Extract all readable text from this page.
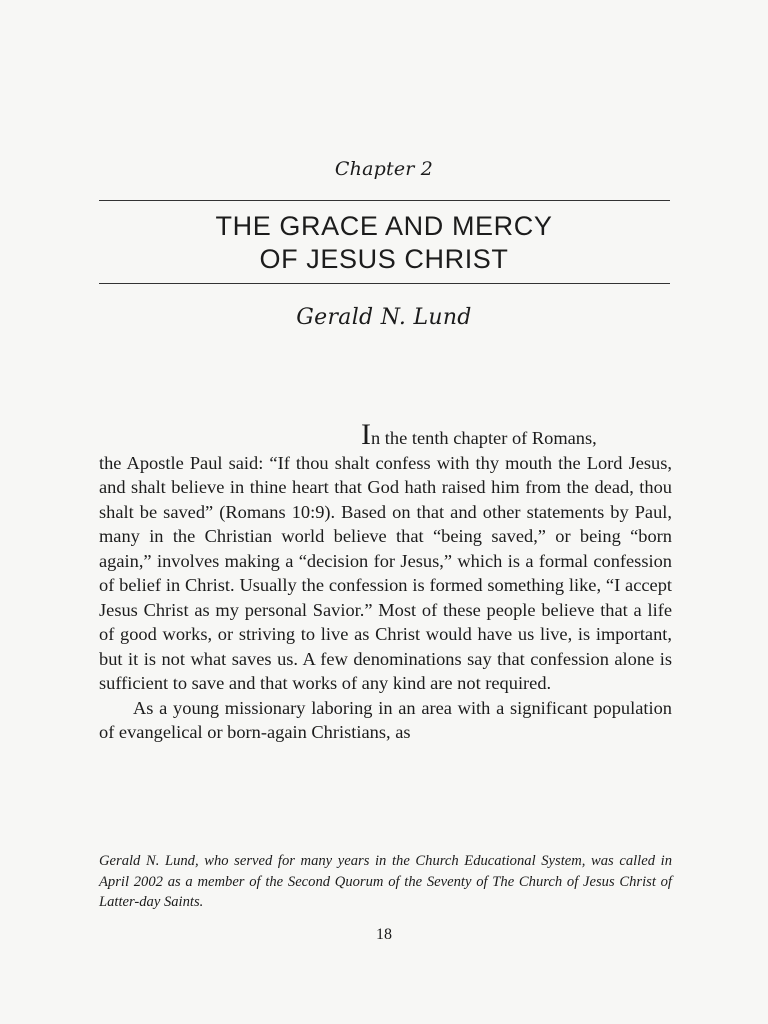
Chapter 2
THE GRACE AND MERCY
OF JESUS CHRIST
Gerald N. Lund

In the tenth chapter of Romans,
the Apostle Paul said: “If thou shalt confess with thy mouth the Lord Jesus, and shalt believe in thine heart that God hath raised him from the dead, thou shalt be saved” (Romans 10:9). Based on that and other statements by Paul, many in the Christian world believe that “being saved,” or being “born again,” involves making a “decision for Jesus,” which is a formal confession of belief in Christ. Usually the confession is formed something like, “I accept Jesus Christ as my personal Savior.” Most of these people believe that a life of good works, or striving to live as Christ would have us live, is important, but it is not what saves us. A few denominations say that confession alone is sufficient to save and that works of any kind are not required.

As a young missionary laboring in an area with a significant population of evangelical or born-again Christians, as

Gerald N. Lund, who served for many years in the Church Educational System, was called in April 2002 as a member of the Second Quorum of the Seventy of The Church of Jesus Christ of Latter-day Saints.
18
